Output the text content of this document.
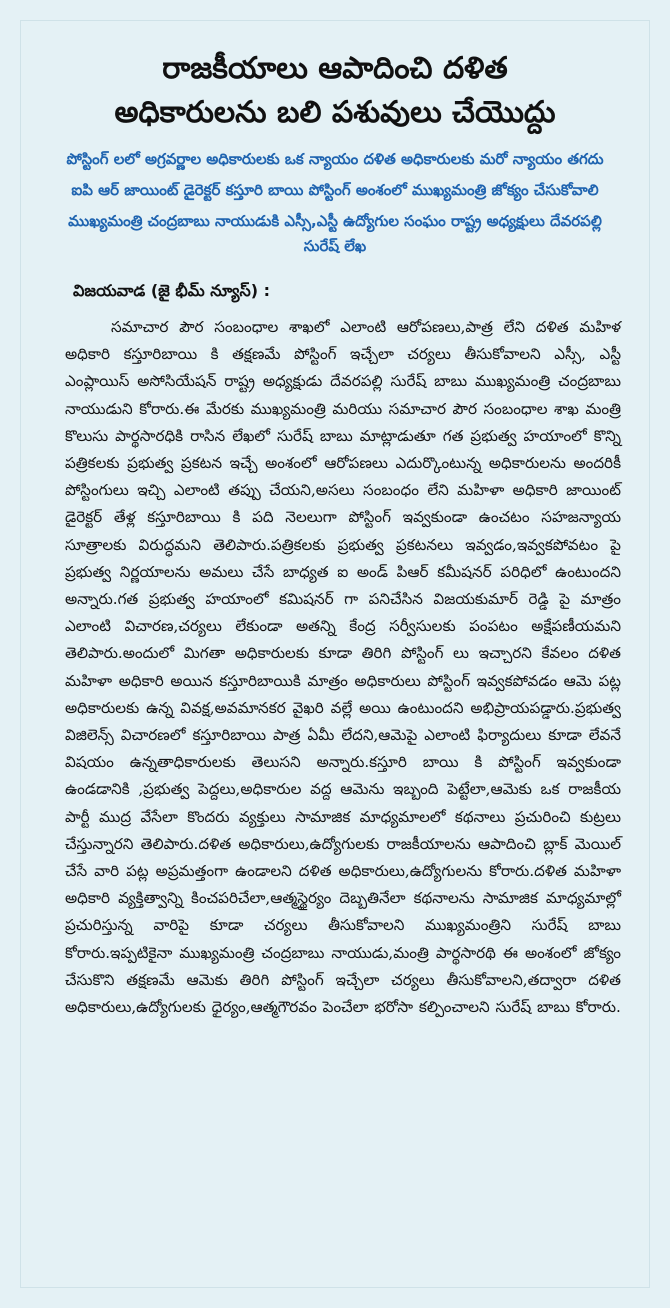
రాజకీయాలు ఆపాదించి దళిత
అధికారులను బలి పశువులు చేయొద్దు
పోస్టింగ్ లలో అగ్రవర్ణాల అధికారులకు ఒక న్యాయం దళిత అధికారులకు మరో న్యాయం తగదు
ఐపి ఆర్ జాయింట్ డైరెక్టర్ కస్తూరి బాయి పోస్టింగ్ అంశంలో ముఖ్యమంత్రి జోక్యం చేసుకోవాలి
ముఖ్యమంత్రి చంద్రబాబు నాయుడుకి ఎస్సీ,ఎస్టీ ఉద్యోగుల సంఘం రాష్ట్ర అధ్యక్షులు దేవరపల్లి సురేష్ లేఖ
విజయవాడ (జై భీమ్ న్యూస్) :
సమాచార పౌర సంబంధాల శాఖలో ఎలాంటి ఆరోపణలు,పాత్ర లేని దళిత మహిళ అధికారి కస్తూరిబాయి కి తక్షణమే పోస్టింగ్ ఇచ్చేలా చర్యలు తీసుకోవాలని ఎస్సీ, ఎస్టీ ఎంప్లాయిస్ అసోసియేషన్ రాష్ట్ర అధ్యక్షుడు దేవరపల్లి సురేష్ బాబు ముఖ్యమంత్రి చంద్రబాబు నాయుడుని కోరారు.ఈ మేరకు ముఖ్యమంత్రి మరియు సమాచార పౌర సంబంధాల శాఖ మంత్రి కొలుసు పార్థసారధికి రాసిన లేఖలో సురేష్ బాబు మాట్లాడుతూ గత ప్రభుత్వ హయాంలో కొన్ని పత్రికలకు ప్రభుత్వ ప్రకటన ఇచ్చే అంశంలో ఆరోపణలు ఎదుర్కొంటున్న అధికారులను అందరికీ పోస్టింగులు ఇచ్చి ఎలాంటి తప్పు చేయని,అసలు సంబంధం లేని మహిళా అధికారి జాయింట్ డైరెక్టర్ తేళ్ల కస్తూరిబాయి కి పది నెలలుగా పోస్టింగ్ ఇవ్వకుండా ఉంచటం సహజన్యాయ సూత్రాలకు విరుద్ధమని తెలిపారు.పత్రికలకు ప్రభుత్వ ప్రకటనలు ఇవ్వడం,ఇవ్వకపోవటం పై ప్రభుత్వ నిర్ణయాలను అమలు చేసే బాధ్యత ఐ అండ్ పిఆర్ కమీషనర్ పరిధిలో ఉంటుందని అన్నారు.గత ప్రభుత్వ హయాంలో కమిషనర్ గా పనిచేసిన విజయకుమార్ రెడ్డి పై మాత్రం ఎలాంటి విచారణ,చర్యలు లేకుండా అతన్ని కేంద్ర సర్వీసులకు పంపటం అక్షేపణీయమని తెలిపారు.అందులో మిగతా అధికారులకు కూడా తిరిగి పోస్టింగ్ లు ఇచ్చారని కేవలం దళిత మహిళా అధికారి అయిన కస్తూరిబాయికి మాత్రం అధికారులు పోస్టింగ్ ఇవ్వకపోవడం ఆమె పట్ల అధికారులకు ఉన్న వివక్ష,అవమానకర వైఖరి వల్లే అయి ఉంటుందని అభిప్రాయపడ్డారు.ప్రభుత్వ విజిలెన్స్ విచారణలో కస్తూరిబాయి పాత్ర ఏమీ లేదని,ఆమెపై ఎలాంటి ఫిర్యాదులు కూడా లేవనే విషయం ఉన్నతాధికారులకు తెలుసని అన్నారు.కస్తూరి బాయి కి పోస్టింగ్ ఇవ్వకుండా ఉండడానికి ,ప్రభుత్వ పెద్దలు,అధికారుల వద్ద ఆమెను ఇబ్బంది పెట్టేలా,ఆమెకు ఒక రాజకీయ పార్టీ ముద్ర వేసేలా కొందరు వ్యక్తులు సామాజిక మాధ్యమాలలో కథనాలు ప్రచురించి కుట్రలు చేస్తున్నారని తెలిపారు.దళిత అధికారులు,ఉద్యోగులకు రాజకీయాలను ఆపాదించి బ్లాక్ మెయిల్ చేసే వారి పట్ల అప్రమత్తంగా ఉండాలని దళిత అధికారులు,ఉద్యోగులను కోరారు.దళిత మహిళా అధికారి వ్యక్తిత్వాన్ని కించపరిచేలా,ఆత్మస్థైర్యం దెబ్బతినేలా కథనాలను సామాజిక మాధ్యమాల్లో ప్రచురిస్తున్న వారిపై కూడా చర్యలు తీసుకోవాలని ముఖ్యమంత్రిని సురేష్ బాబు కోరారు.ఇప్పటికైనా ముఖ్యమంత్రి చంద్రబాబు నాయుడు,మంత్రి పార్థసారథి ఈ అంశంలో జోక్యం చేసుకొని తక్షణమే ఆమెకు తిరిగి పోస్టింగ్ ఇచ్చేలా చర్యలు తీసుకోవాలని,తద్వారా దళిత అధికారులు,ఉద్యోగులకు ధైర్యం,ఆత్మగౌరవం పెంచేలా భరోసా కల్పించాలని సురేష్ బాబు కోరారు.
